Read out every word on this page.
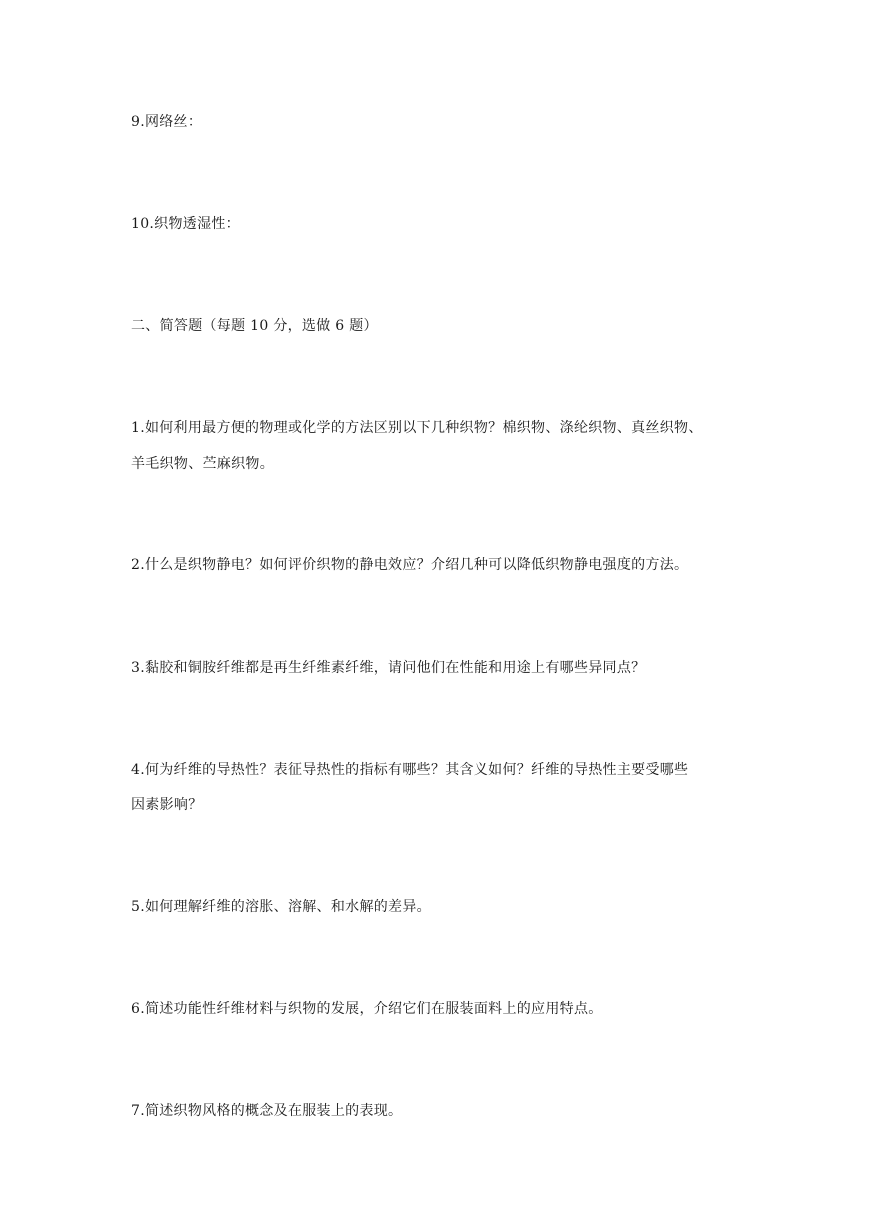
9.网络丝：
10.织物透湿性：
二、简答题（每题 10 分，选做 6 题）
1.如何利用最方便的物理或化学的方法区别以下几种织物？棉织物、涤纶织物、真丝织物、
羊毛织物、苎麻织物。
2.什么是织物静电？如何评价织物的静电效应？介绍几种可以降低织物静电强度的方法。
3.黏胶和铜胺纤维都是再生纤维素纤维，请问他们在性能和用途上有哪些异同点？
4.何为纤维的导热性？表征导热性的指标有哪些？其含义如何？纤维的导热性主要受哪些
因素影响？
5.如何理解纤维的溶胀、溶解、和水解的差异。
6.简述功能性纤维材料与织物的发展，介绍它们在服装面料上的应用特点。
7.简述织物风格的概念及在服装上的表现。
